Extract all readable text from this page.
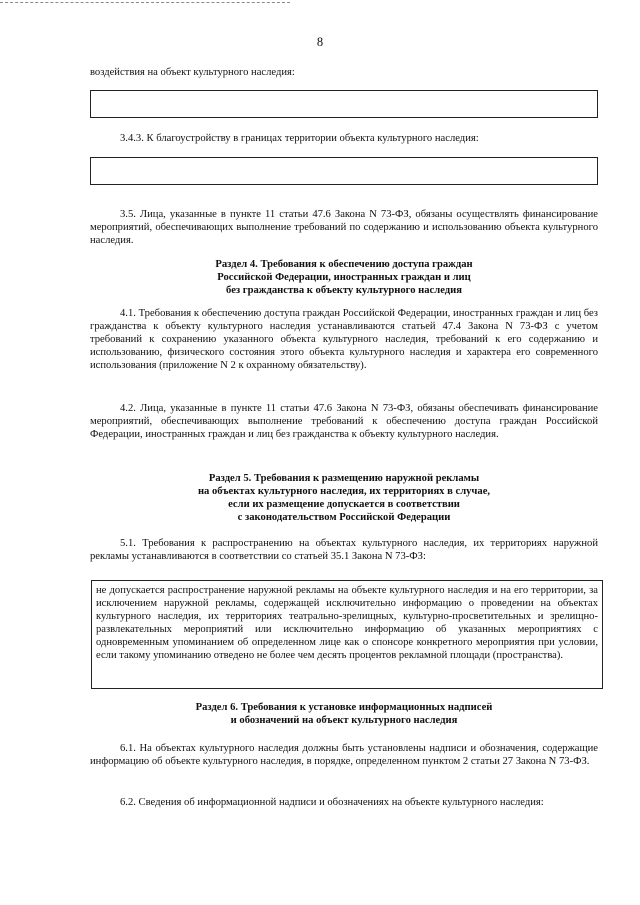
8
воздействия на объект культурного наследия:
3.4.3. К благоустройству в границах территории объекта культурного наследия:
3.5. Лица, указанные в пункте 11 статьи 47.6 Закона N 73-ФЗ, обязаны осуществлять финансирование мероприятий, обеспечивающих выполнение требований по содержанию и использованию объекта культурного наследия.
Раздел 4. Требования к обеспечению доступа граждан
Российской Федерации, иностранных граждан и лиц
без гражданства к объекту культурного наследия
4.1. Требования к обеспечению доступа граждан Российской Федерации, иностранных граждан и лиц без гражданства к объекту культурного наследия устанавливаются статьей 47.4 Закона N 73-ФЗ с учетом требований к сохранению указанного объекта культурного наследия, требований к его содержанию и использованию, физического состояния этого объекта культурного наследия и характера его современного использования (приложение N 2 к охранному обязательству).
4.2. Лица, указанные в пункте 11 статьи 47.6 Закона N 73-ФЗ, обязаны обеспечивать финансирование мероприятий, обеспечивающих выполнение требований к обеспечению доступа граждан Российской Федерации, иностранных граждан и лиц без гражданства к объекту культурного наследия.
Раздел 5. Требования к размещению наружной рекламы
на объектах культурного наследия, их территориях в случае,
если их размещение допускается в соответствии
с законодательством Российской Федерации
5.1. Требования к распространению на объектах культурного наследия, их территориях наружной рекламы устанавливаются в соответствии со статьей 35.1 Закона N 73-ФЗ:
не допускается распространение наружной рекламы на объекте культурного наследия и на его территории, за исключением наружной рекламы, содержащей исключительно информацию о проведении на объектах культурного наследия, их территориях театрально-зрелищных, культурно-просветительных и зрелищно-развлекательных мероприятий или исключительно информацию об указанных мероприятиях с одновременным упоминанием об определенном лице как о спонсоре конкретного мероприятия при условии, если такому упоминанию отведено не более чем десять процентов рекламной площади (пространства).
Раздел 6. Требования к установке информационных надписей
и обозначений на объект культурного наследия
6.1. На объектах культурного наследия должны быть установлены надписи и обозначения, содержащие информацию об объекте культурного наследия, в порядке, определенном пунктом 2 статьи 27 Закона N 73-ФЗ.
6.2. Сведения об информационной надписи и обозначениях на объекте культурного наследия:
